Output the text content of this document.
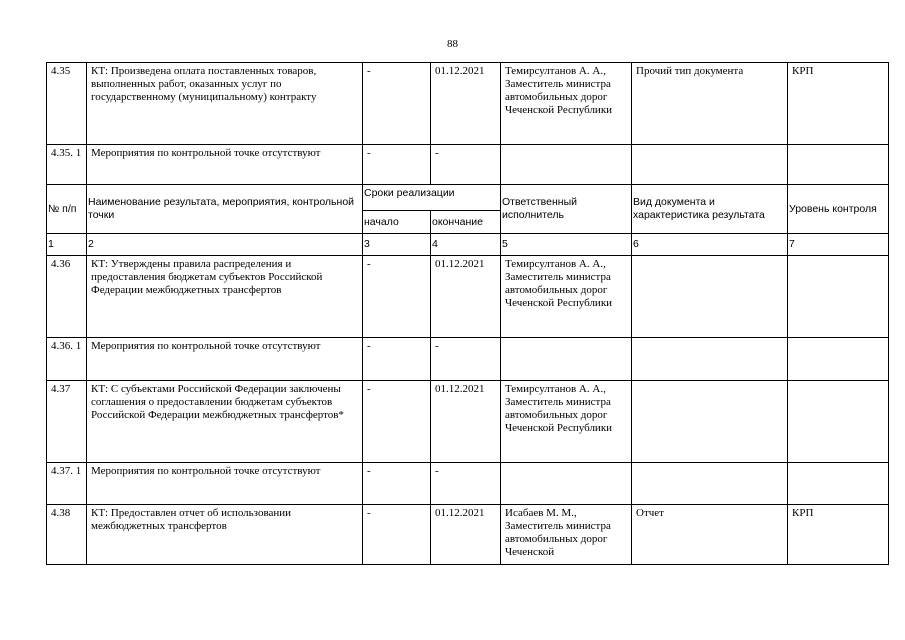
88
4.35	КТ: Произведена оплата поставленных товаров, выполненных работ, оказанных услуг по государственному (муниципальному) контракту	-	01.12.2021	Темирсултанов А. А., Заместитель министра автомобильных дорог Чеченской Республики	Прочий тип документа	КРП
4.35. 1	Мероприятия по контрольной точке отсутствуют	-	-			
№ п/п	Наименование результата, мероприятия, контрольной точки	Сроки реализации		Ответственный исполнитель	Вид документа и характеристика результата	Уровень контроля
		начало	окончание			
1	2	3	4	5	6	7
4.36	КТ: Утверждены правила распределения и предоставления бюджетам субъектов Российской Федерации межбюджетных трансфертов	-	01.12.2021	Темирсултанов А. А., Заместитель министра автомобильных дорог Чеченской Республики		
4.36. 1	Мероприятия по контрольной точке отсутствуют	-	-			
4.37	КТ: С субъектами Российской Федерации заключены соглашения о предоставлении бюджетам субъектов Российской Федерации межбюджетных трансфертов*	-	01.12.2021	Темирсултанов А. А., Заместитель министра автомобильных дорог Чеченской Республики		
4.37. 1	Мероприятия по контрольной точке отсутствуют	-	-			
4.38	КТ: Предоставлен отчет об использовании межбюджетных трансфертов	-	01.12.2021	Исабаев М. М., Заместитель министра автомобильных дорог Чеченской	Отчет	КРП
